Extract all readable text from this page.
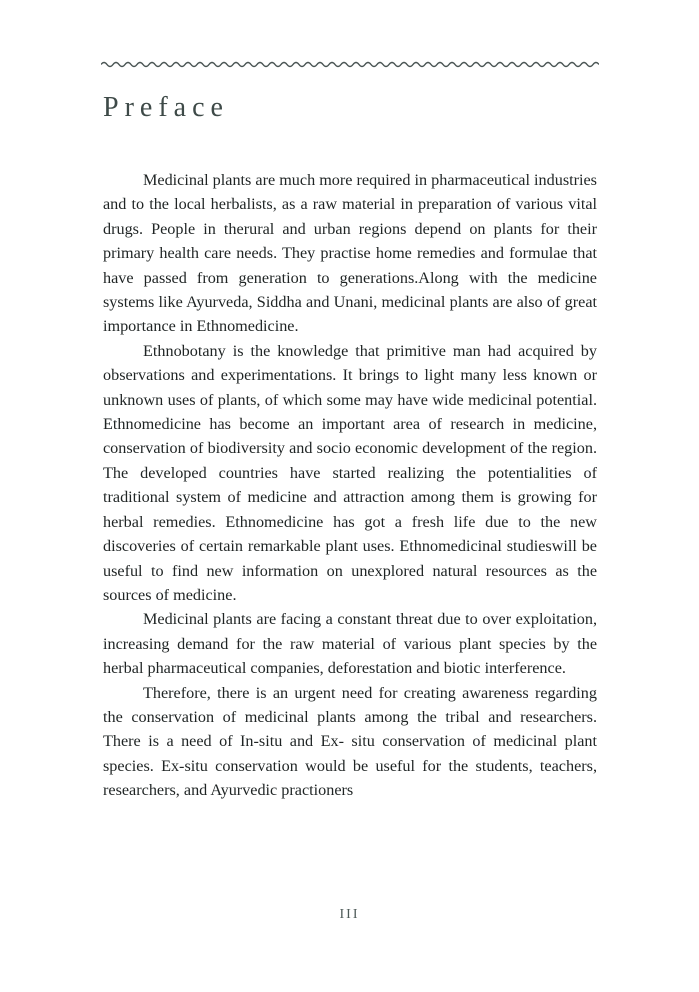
Preface

Medicinal plants are much more required in pharmaceutical industries and to the local herbalists, as a raw material in preparation of various vital drugs. People in therural and urban regions depend on plants for their primary health care needs. They practise home remedies and formulae that have passed from generation to generations.Along with the medicine systems like Ayurveda, Siddha and Unani, medicinal plants are also of great importance in Ethnomedicine.

Ethnobotany is the knowledge that primitive man had acquired by observations and experimentations. It brings to light many less known or unknown uses of plants, of which some may have wide medicinal potential. Ethnomedicine has become an important area of research in medicine, conservation of biodiversity and socio economic development of the region. The developed countries have started realizing the potentialities of traditional system of medicine and attraction among them is growing for herbal remedies. Ethnomedicine has got a fresh life due to the new discoveries of certain remarkable plant uses. Ethnomedicinal studieswill be useful to find new information on unexplored natural resources as the sources of medicine.

Medicinal plants are facing a constant threat due to over exploitation, increasing demand for the raw material of various plant species by the herbal pharmaceutical companies, deforestation and biotic interference.

Therefore, there is an urgent need for creating awareness regarding the conservation of medicinal plants among the tribal and researchers. There is a need of In-situ and Ex- situ conservation of medicinal plant species. Ex-situ conservation would be useful for the students, teachers, researchers, and Ayurvedic practioners

III
